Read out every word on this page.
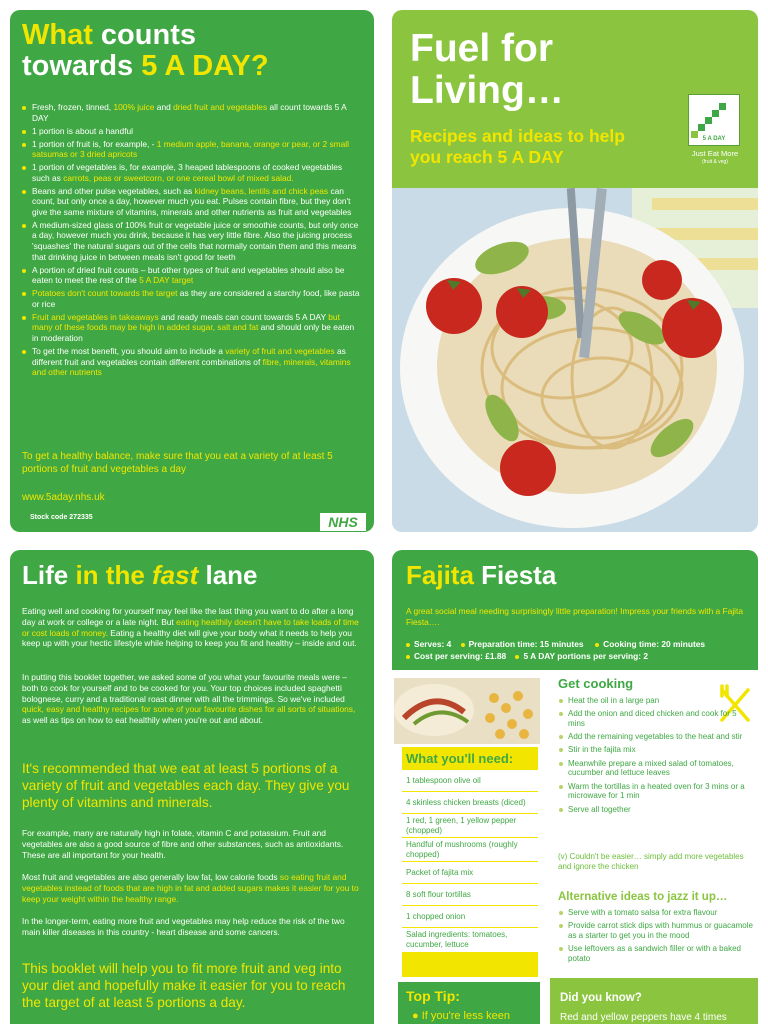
What counts
towards 5 A DAY?
Fresh, frozen, tinned, 100% juice and dried fruit and vegetables all count towards 5 A DAY
1 portion is about a handful
1 portion of fruit is, for example, - 1 medium apple, banana, orange or pear, or 2 small satsumas or 3 dried apricots
1 portion of vegetables is, for example, 3 heaped tablespoons of cooked vegetables such as carrots, peas or sweetcorn, or one cereal bowl of mixed salad.
Beans and other pulse vegetables, such as kidney beans, lentils and chick peas can count, but only once a day, however much you eat. Pulses contain fibre, but they don't give the same mixture of vitamins, minerals and other nutrients as fruit and vegetables
A medium-sized glass of 100% fruit or vegetable juice or smoothie counts, but only once a day, however much you drink, because it has very little fibre. Also the juicing process 'squashes' the natural sugars out of the cells that normally contain them and this means that drinking juice in between meals isn't good for teeth
A portion of dried fruit counts – but other types of fruit and vegetables should also be eaten to meet the rest of the 5 A DAY target
Potatoes don't count towards the target as they are considered a starchy food, like pasta or rice
Fruit and vegetables in takeaways and ready meals can count towards 5 A DAY but many of these foods may be high in added sugar, salt and fat and should only be eaten in moderation
To get the most benefit, you should aim to include a variety of fruit and vegetables as different fruit and vegetables contain different combinations of fibre, minerals, vitamins and other nutrients
To get a healthy balance, make sure that you eat a variety of at least 5 portions of fruit and vegetables a day
www.5aday.nhs.uk
Stock code 272335	NHS
Fuel for
Living…
Recipes and ideas to help you reach 5 A DAY
5 A DAY
Just Eat More
(fruit & veg)
Life in the fast lane
Eating well and cooking for yourself may feel like the last thing you want to do after a long day at work or college or a late night. But eating healthily doesn't have to take loads of time or cost loads of money. Eating a healthy diet will give your body what it needs to help you keep up with your hectic lifestyle while helping to keep you fit and healthy – inside and out.
In putting this booklet together, we asked some of you what your favourite meals were – both to cook for yourself and to be cooked for you. Your top choices included spaghetti bolognese, curry and a traditional roast dinner with all the trimmings. So we've included quick, easy and healthy recipes for some of your favourite dishes for all sorts of situations, as well as tips on how to eat healthily when you're out and about.
It's recommended that we eat at least 5 portions of a variety of fruit and vegetables each day. They give you plenty of vitamins and minerals.
For example, many are naturally high in folate, vitamin C and potassium. Fruit and vegetables are also a good source of fibre and other substances, such as antioxidants. These are all important for your health.
Most fruit and vegetables are also generally low fat, low calorie foods so eating fruit and vegetables instead of foods that are high in fat and added sugars makes it easier for you to keep your weight within the healthy range.
In the longer-term, eating more fruit and vegetables may help reduce the risk of the two main killer diseases in this country - heart disease and some cancers.
This booklet will help you to fit more fruit and veg into your diet and hopefully make it easier for you to reach the target of at least 5 portions a day.
Fajita Fiesta
A great social meal needing surprisingly little preparation! Impress your friends with a Fajita Fiesta….
Serves: 4 Preparation time: 15 minutes Cooking time: 20 minutes
Cost per serving: £1.88 5 A DAY portions per serving: 2
What you'll need:
1 tablespoon olive oil
4 skinless chicken breasts (diced)
1 red, 1 green, 1 yellow pepper (chopped)
Handful of mushrooms (roughly chopped)
Packet of fajita mix
8 soft flour tortillas
1 chopped onion
Salad ingredients: tomatoes, cucumber, lettuce
Top Tip:
● If you're less keen
Get cooking
Heat the oil in a large pan
Add the onion and diced chicken and cook for 5 mins
Add the remaining vegetables to the heat and stir
Stir in the fajita mix
Meanwhile prepare a mixed salad of tomatoes, cucumber and lettuce leaves
Warm the tortillas in a heated oven for 3 mins or a microwave for 1 min
Serve all together
(v) Couldn't be easier… simply add more vegetables and ignore the chicken
Alternative ideas to jazz it up…
Serve with a tomato salsa for extra flavour
Provide carrot stick dips with hummus or guacamole as a starter to get you in the mood
Use leftovers as a sandwich filler or with a baked potato
Did you know?
Red and yellow peppers have 4 times
